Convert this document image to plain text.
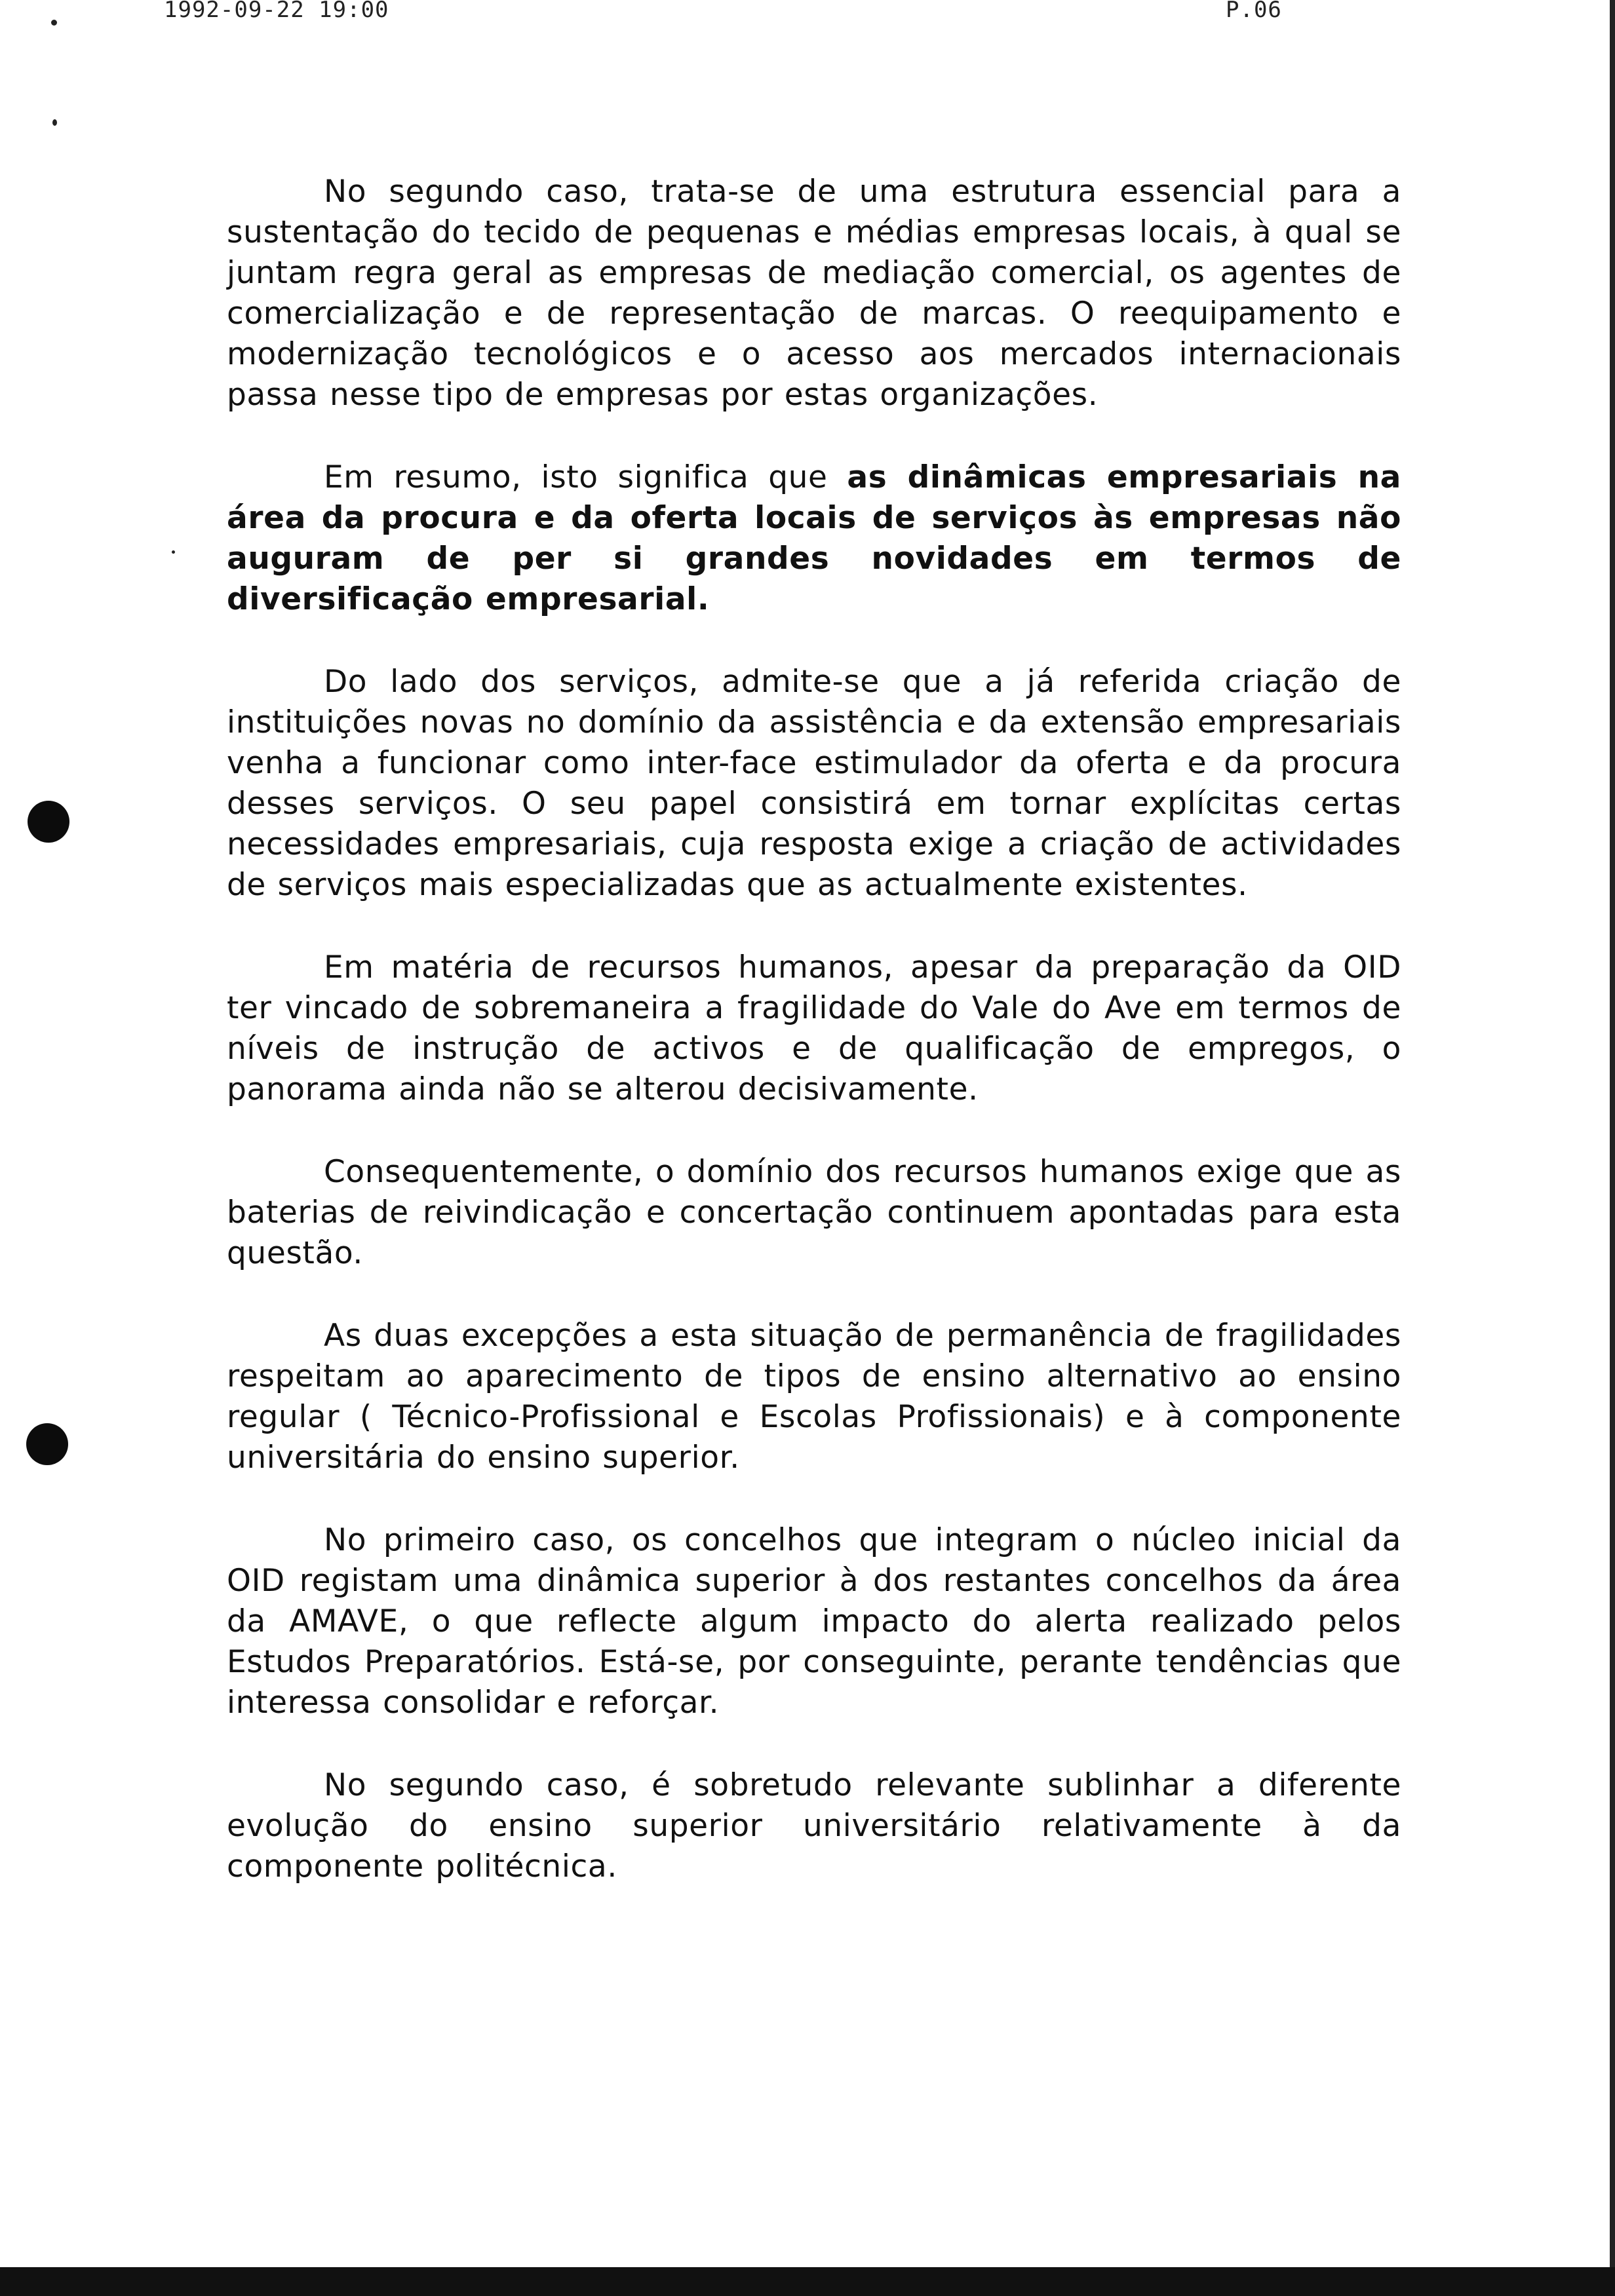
1992-09-22 19:00	P.06

No segundo caso, trata-se de uma estrutura essencial para a sustentação do tecido de pequenas e médias empresas locais, à qual se juntam regra geral as empresas de mediação comercial, os agentes de comercialização e de representação de marcas. O reequipamento e modernização tecnológicos e o acesso aos mercados internacionais passa nesse tipo de empresas por estas organizações.

Em resumo, isto significa que as dinâmicas empresariais na área da procura e da oferta locais de serviços às empresas não auguram de per si grandes novidades em termos de diversificação empresarial.

Do lado dos serviços, admite-se que a já referida criação de instituições novas no domínio da assistência e da extensão empresariais venha a funcionar como inter-face estimulador da oferta e da procura desses serviços. O seu papel consistirá em tornar explícitas certas necessidades empresariais, cuja resposta exige a criação de actividades de serviços mais especializadas que as actualmente existentes.

Em matéria de recursos humanos, apesar da preparação da OID ter vincado de sobremaneira a fragilidade do Vale do Ave em termos de níveis de instrução de activos e de qualificação de empregos, o panorama ainda não se alterou decisivamente.

Consequentemente, o domínio dos recursos humanos exige que as baterias de reivindicação e concertação continuem apontadas para esta questão.

As duas excepções a esta situação de permanência de fragilidades respeitam ao aparecimento de tipos de ensino alternativo ao ensino regular ( Técnico-Profissional e Escolas Profissionais) e à componente universitária do ensino superior.

No primeiro caso, os concelhos que integram o núcleo inicial da OID registam uma dinâmica superior à dos restantes concelhos da área da AMAVE, o que reflecte algum impacto do alerta realizado pelos Estudos Preparatórios. Está-se, por conseguinte, perante tendências que interessa consolidar e reforçar.

No segundo caso, é sobretudo relevante sublinhar a diferente evolução do ensino superior universitário relativamente à da componente politécnica.
